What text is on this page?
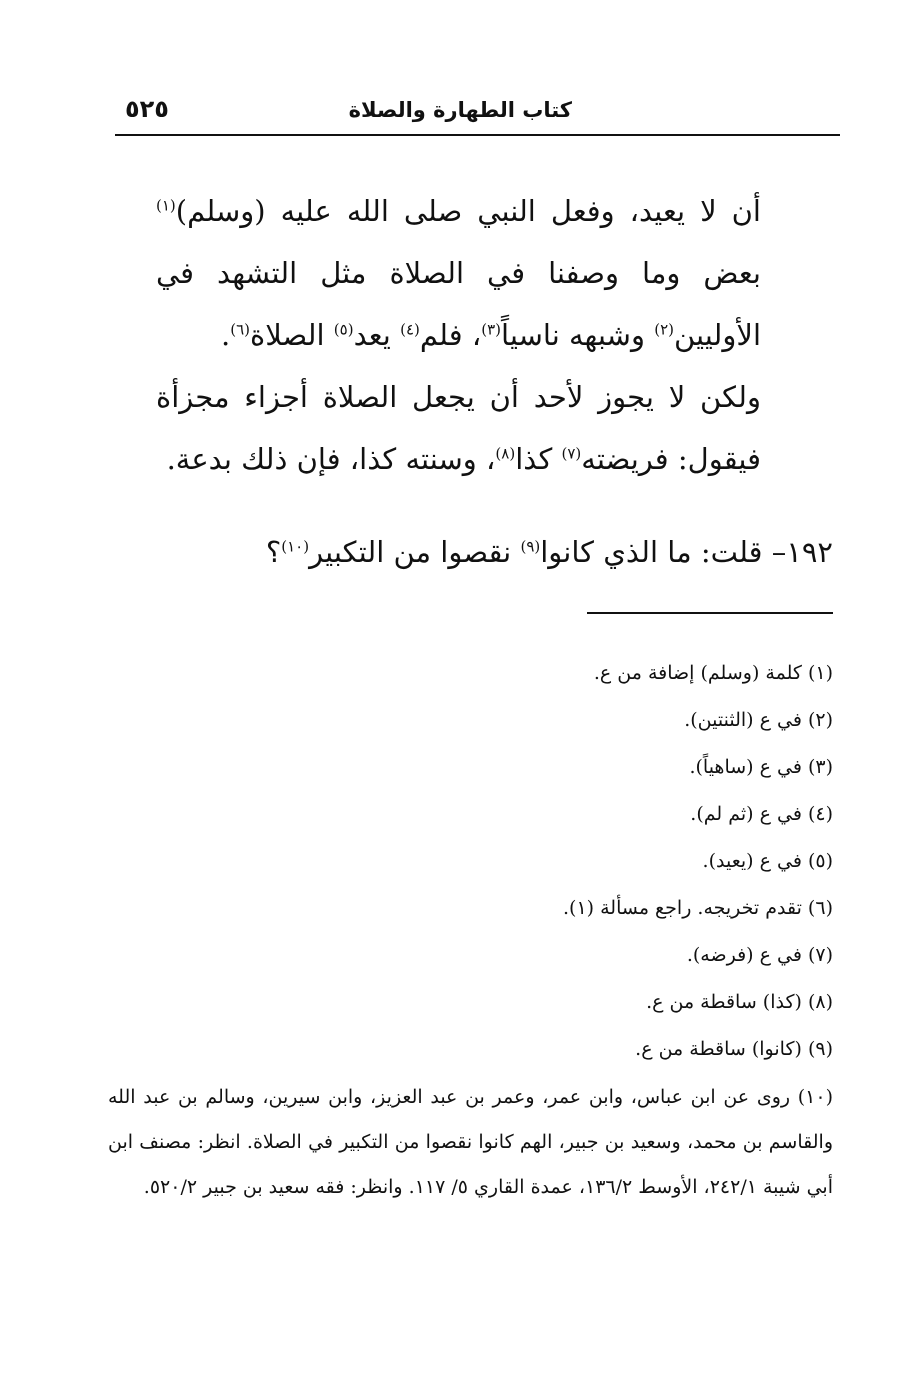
كتاب الطهارة والصلاة
٥٢٥

أن لا يعيد، وفعل النبي صلى الله عليه (وسلم)$^{(١)}$ بعض وما وصفنا في الصلاة مثل التشهد في الأوليين$^{(٢)}$ وشبهه ناسياً$^{(٣)}$، فلم$^{(٤)}$ يعد$^{(٥)}$ الصلاة$^{(٦)}$.

ولكن لا يجوز لأحد أن يجعل الصلاة أجزاء مجزأة فيقول: فريضته$^{(٧)}$ كذا$^{(٨)}$، وسنته كذا، فإن ذلك بدعة.

١٩٢– قلت: ما الذي كانوا$^{(٩)}$ نقصوا من التكبير$^{(١٠)}$؟

(١) كلمة (وسلم) إضافة من ع.

(٢) في ع (الثنتين).

(٣) في ع (ساهياً).

(٤) في ع (ثم لم).

(٥) في ع (يعيد).

(٦) تقدم تخريجه. راجع مسألة (١).

(٧) في ع (فرضه).

(٨) (كذا) ساقطة من ع.

(٩) (كانوا) ساقطة من ع.

(١٠) روى عن ابن عباس، وابن عمر، وعمر بن عبد العزيز، وابن سيرين، وسالم بن عبد الله والقاسم بن محمد، وسعيد بن جبير، الهم كانوا نقصوا من التكبير في الصلاة. انظر: مصنف ابن أبي شيبة ٢٤٢/١، الأوسط ١٣٦/٢، عمدة القاري ٥/ ١١٧. وانظر: فقه سعيد بن جبير ٥٢٠/٢.
